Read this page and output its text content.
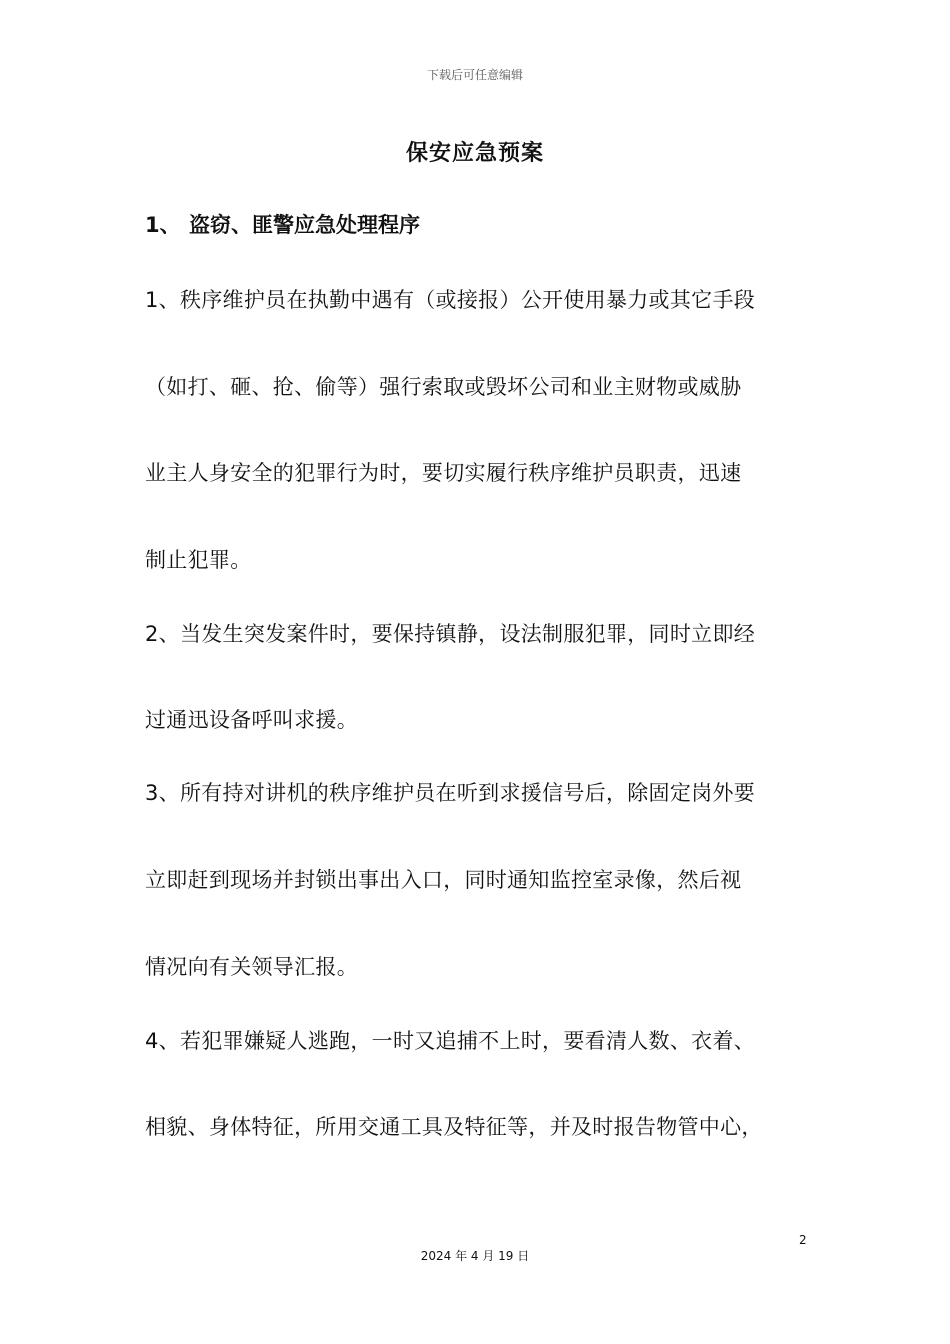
下载后可任意编辑
保安应急预案
1、 盗窃、匪警应急处理程序
1、秩序维护员在执勤中遇有（或接报）公开使用暴力或其它手段
（如打、砸、抢、偷等）强行索取或毁坏公司和业主财物或威胁
业主人身安全的犯罪行为时，要切实履行秩序维护员职责，迅速
制止犯罪。
2、当发生突发案件时，要保持镇静，设法制服犯罪，同时立即经
过通迅设备呼叫求援。
3、所有持对讲机的秩序维护员在听到求援信号后，除固定岗外要
立即赶到现场并封锁出事出入口，同时通知监控室录像，然后视
情况向有关领导汇报。
4、若犯罪嫌疑人逃跑，一时又追捕不上时，要看清人数、衣着、
相貌、身体特征，所用交通工具及特征等，并及时报告物管中心，
2
2024 年 4 月 19 日
